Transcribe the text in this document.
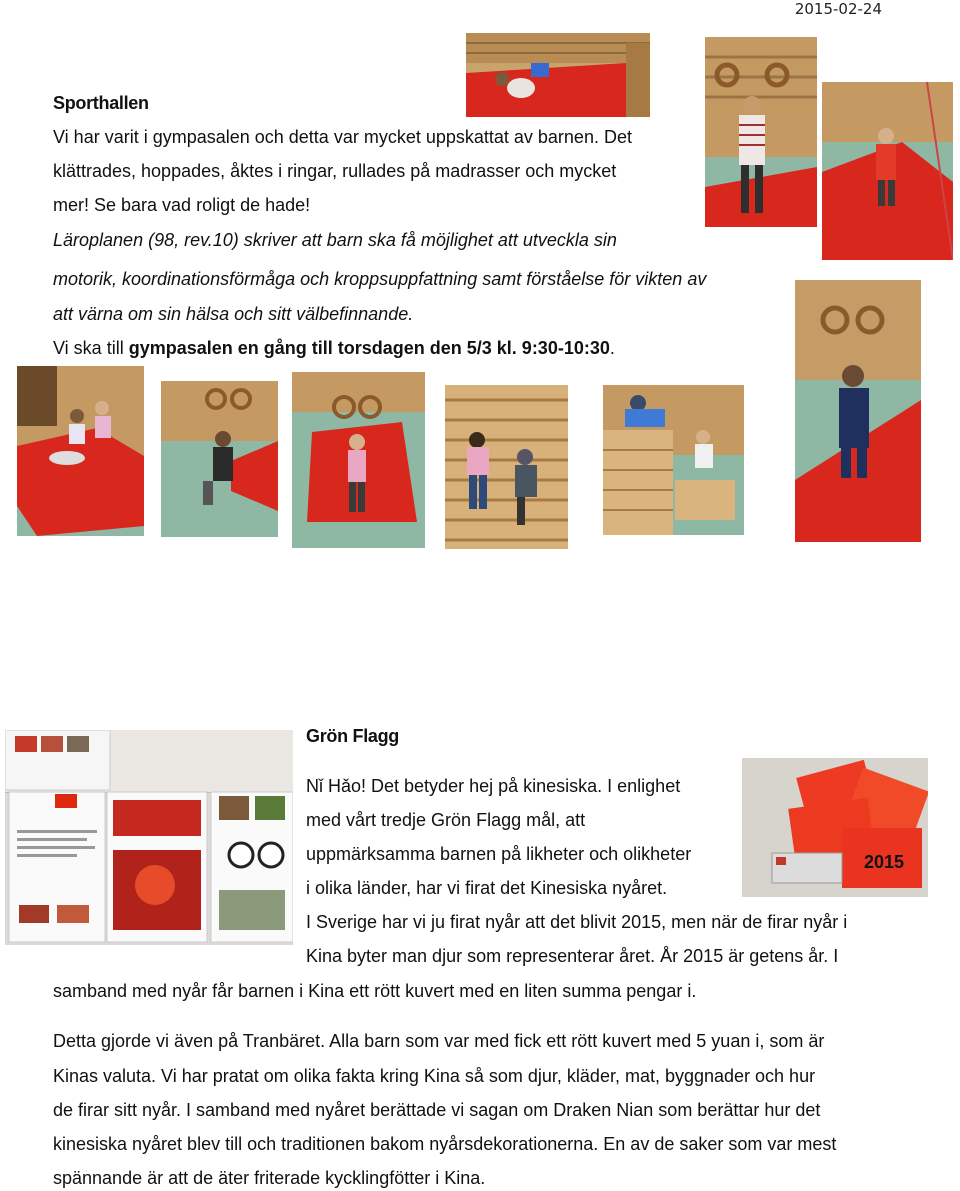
2015-02-24
Sporthallen
Vi har varit i gympasalen och detta var mycket uppskattat av barnen. Det
klättrades, hoppades, åktes i ringar, rullades på madrasser och mycket
mer! Se bara vad roligt de hade!
Läroplanen (98, rev.10) skriver att barn ska få möjlighet att utveckla sin
motorik, koordinationsförmåga och kroppsuppfattning samt förståelse för vikten av
att värna om sin hälsa och sitt välbefinnande.
Vi ska till gympasalen en gång till torsdagen den 5/3 kl. 9:30-10:30.
Grön Flagg
Nǐ Hǎo! Det betyder hej på kinesiska. I enlighet
med vårt tredje Grön Flagg mål, att
uppmärksamma barnen på likheter och olikheter
i olika länder, har vi firat det Kinesiska nyåret.
I Sverige har vi ju firat nyår att det blivit 2015, men när de firar nyår i
Kina byter man djur som representerar året. År 2015 är getens år. I
samband med nyår får barnen i Kina ett rött kuvert med en liten summa pengar i.
2015
Detta gjorde vi även på Tranbäret. Alla barn som var med fick ett rött kuvert med 5 yuan i, som är
Kinas valuta. Vi har pratat om olika fakta kring Kina så som djur, kläder, mat, byggnader och hur
de firar sitt nyår. I samband med nyåret berättade vi sagan om Draken Nian som berättar hur det
kinesiska nyåret blev till och traditionen bakom nyårsdekorationerna. En av de saker som var mest
spännande är att de äter friterade kycklingfötter i Kina.
